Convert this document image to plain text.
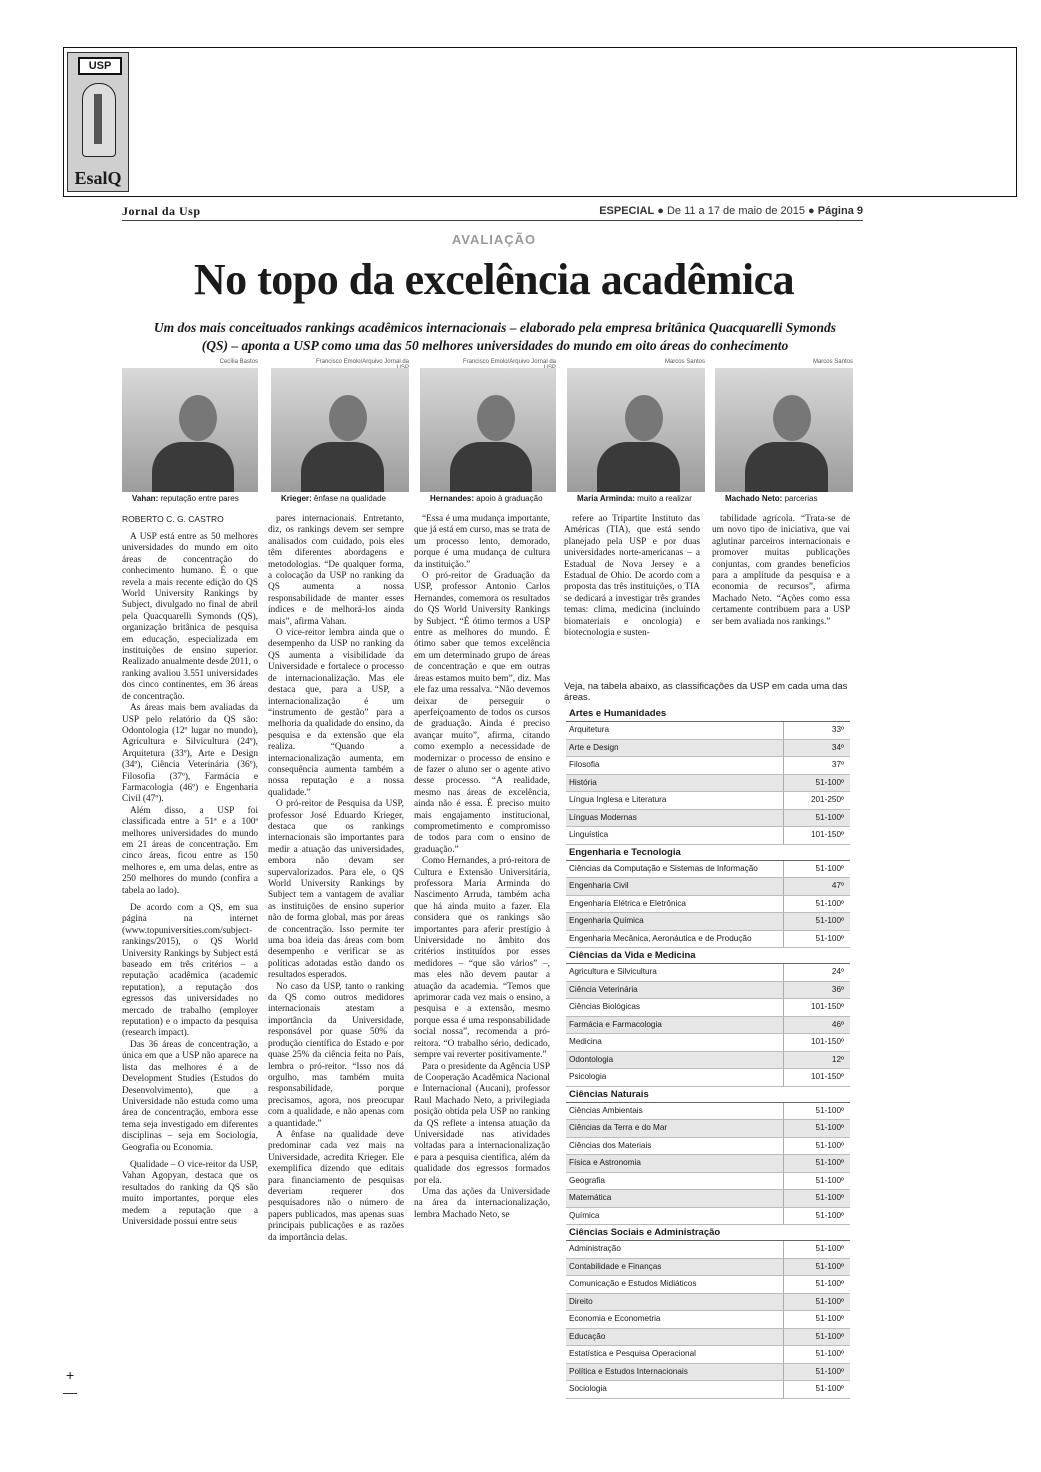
USP
EsalQ
Jornal da Usp	ESPECIAL ● De 11 a 17 de maio de 2015 ● Página 9
AVALIAÇÃO
No topo da excelência acadêmica
Um dos mais conceituados rankings acadêmicos internacionais – elaborado pela empresa britânica Quacquarelli Symonds (QS) – aponta a USP como uma das 50 melhores universidades do mundo em oito áreas do conhecimento
Cecília Bastos
Vahan: reputação entre pares
Francisco Emolo/Arquivo Jornal da
Krieger: ênfase na qualidade
Francisco Emolo/Arquivo Jornal da
Hernandes: apoio à graduação
Marcos Santos
Maria Arminda: muito a realizar
Marcos Santos
Machado Neto: parcerias
ROBERTO C. G. CASTRO

A USP está entre as 50 melhores universidades do mundo em oito áreas de concentração do conhecimento humano. É o que revela a mais recente edição do QS World University Rankings by Subject, divulgado no final de abril pela Quacquarelli Symonds (QS), organização britânica de pesquisa em educação, especializada em instituições de ensino superior. Realizado anualmente desde 2011, o ranking avaliou 3.551 universidades dos cinco continentes, em 36 áreas de concentração.

As áreas mais bem avaliadas da USP pelo relatório da QS são: Odontologia (12º lugar no mundo), Agricultura e Silvicultura (24º), Arquitetura (33º), Arte e Design (34º), Ciência Veterinária (36º), Filosofia (37º), Farmácia e Farmacologia (46º) e Engenharia Civil (47º).

Além disso, a USP foi classificada entre a 51ª e a 100ª melhores universidades do mundo em 21 áreas de concentração. Em cinco áreas, ficou entre as 150 melhores e, em uma delas, entre as 250 melhores do mundo (confira a tabela ao lado).

De acordo com a QS, em sua página na internet (www.topuniversities.com/subject-rankings/2015), o QS World University Rankings by Subject está baseado em três critérios – a reputação acadêmica (academic reputation), a reputação dos egressos das universidades no mercado de trabalho (employer reputation) e o impacto da pesquisa (research impact).

Das 36 áreas de concentração, a única em que a USP não aparece na lista das melhores é a de Development Studies (Estudos do Desenvolvimento), que a Universidade não estuda como uma área de concentração, embora esse tema seja investigado em diferentes disciplinas – seja em Sociologia, Geografia ou Economia.

Qualidade – O vice-reitor da USP, Vahan Agopyan, destaca que os resultados do ranking da QS são muito importantes, porque eles medem a reputação que a Universidade possui entre seus

pares internacionais. Entretanto, diz, os rankings devem ser sempre analisados com cuidado, pois eles têm diferentes abordagens e metodologias. “De qualquer forma, a colocação da USP no ranking da QS aumenta a nossa responsabilidade de manter esses índices e de melhorá-los ainda mais”, afirma Vahan.

O vice-reitor lembra ainda que o desempenho da USP no ranking da QS aumenta a visibilidade da Universidade e fortalece o processo de internacionalização. Mas ele destaca que, para a USP, a internacionalização é um “instrumento de gestão” para a melhoria da qualidade do ensino, da pesquisa e da extensão que ela realiza. “Quando a internacionalização aumenta, em consequência aumenta também a nossa reputação e a nossa qualidade.”

O pró-reitor de Pesquisa da USP, professor José Eduardo Krieger, destaca que os rankings internacionais são importantes para medir a atuação das universidades, embora não devam ser supervalorizados. Para ele, o QS World University Rankings by Subject tem a vantagem de avaliar as instituições de ensino superior não de forma global, mas por áreas de concentração. Isso permite ter uma boa ideia das áreas com bom desempenho e verificar se as políticas adotadas estão dando os resultados esperados.

No caso da USP, tanto o ranking da QS como outros medidores internacionais atestam a importância da Universidade, responsável por quase 50% da produção científica do Estado e por quase 25% da ciência feita no País, lembra o pró-reitor. “Isso nos dá orgulho, mas também muita responsabilidade, porque precisamos, agora, nos preocupar com a qualidade, e não apenas com a quantidade.”

A ênfase na qualidade deve predominar cada vez mais na Universidade, acredita Krieger. Ele exemplifica dizendo que editais para financiamento de pesquisas deveriam requerer dos pesquisadores não o número de papers publicados, mas apenas suas principais publicações e as razões da importância delas.

“Essa é uma mudança importante, que já está em curso, mas se trata de um processo lento, demorado, porque é uma mudança de cultura da instituição.”

O pró-reitor de Graduação da USP, professor Antonio Carlos Hernandes, comemora os resultados do QS World University Rankings by Subject. “É ótimo termos a USP entre as melhores do mundo. É ótimo saber que temos excelência em um determinado grupo de áreas de concentração e que em outras áreas estamos muito bem”, diz. Mas ele faz uma ressalva. “Não devemos deixar de perseguir o aperfeiçoamento de todos os cursos de graduação. Ainda é preciso avançar muito”, afirma, citando como exemplo a necessidade de modernizar o processo de ensino e de fazer o aluno ser o agente ativo desse processo. “A realidade, mesmo nas áreas de excelência, ainda não é essa. É preciso muito mais engajamento institucional, comprometimento e compromisso de todos para com o ensino de graduação.”

Como Hernandes, a pró-reitora de Cultura e Extensão Universitária, professora Maria Arminda do Nascimento Arruda, também acha que há ainda muito a fazer. Ela considera que os rankings são importantes para aferir prestígio à Universidade no âmbito dos critérios instituídos por esses medidores – “que são vários” –, mas eles não devem pautar a atuação da academia. “Temos que aprimorar cada vez mais o ensino, a pesquisa e a extensão, mesmo porque essa é uma responsabilidade social nossa”, recomenda a pró-reitora. “O trabalho sério, dedicado, sempre vai reverter positivamente.”

Para o presidente da Agência USP de Cooperação Acadêmica Nacional e Internacional (Aucani), professor Raul Machado Neto, a privilegiada posição obtida pela USP no ranking da QS reflete a intensa atuação da Universidade nas atividades voltadas para a internacionalização e para a pesquisa científica, além da qualidade dos egressos formados por ela.

Uma das ações da Universidade na área da internacionalização, lembra Machado Neto, se

refere ao Tripartite Instituto das Américas (TIA), que está sendo planejado pela USP e por duas universidades norte-americanas – a Estadual de Nova Jersey e a Estadual de Ohio. De acordo com a proposta das três instituições, o TIA se dedicará a investigar três grandes temas: clima, medicina (incluindo biomateriais e oncologia) e biotecnologia e susten-

tabilidade agrícola. “Trata-se de um novo tipo de iniciativa, que vai aglutinar parceiros internacionais e promover muitas publicações conjuntas, com grandes benefícios para a amplitude da pesquisa e a economia de recursos”, afirma Machado Neto. “Ações como essa certamente contribuem para a USP ser bem avaliada nos rankings.”

Veja, na tabela abaixo, as classificações da USP em cada uma das áreas.
Artes e Humanidades
Arquitetura	33º
Arte e Design	34º
Filosofia	37º
História	51-100º
Língua Inglesa e Literatura	201-250º
Línguas Modernas	51-100º
Linguística	101-150º
Engenharia e Tecnologia
Ciências da Computação e Sistemas de Informação	51-100º
Engenharia Civil	47º
Engenharia Elétrica e Eletrônica	51-100º
Engenharia Química	51-100º
Engenharia Mecânica, Aeronáutica e de Produção	51-100º
Ciências da Vida e Medicina
Agricultura e Silvicultura	24º
Ciência Veterinária	36º
Ciências Biológicas	101-150º
Farmácia e Farmacologia	46º
Medicina	101-150º
Odontologia	12º
Psicologia	101-150º
Ciências Naturais
Ciências Ambientais	51-100º
Ciências da Terra e do Mar	51-100º
Ciências dos Materiais	51-100º
Física e Astronomia	51-100º
Geografia	51-100º
Matemática	51-100º
Química	51-100º
Ciências Sociais e Administração
Administração	51-100º
Contabilidade e Finanças	51-100º
Comunicação e Estudos Midiáticos	51-100º
Direito	51-100º
Economia e Econometria	51-100º
Educação	51-100º
Estatística e Pesquisa Operacional	51-100º
Política e Estudos Internacionais	51-100º
Sociologia	51-100º
+
